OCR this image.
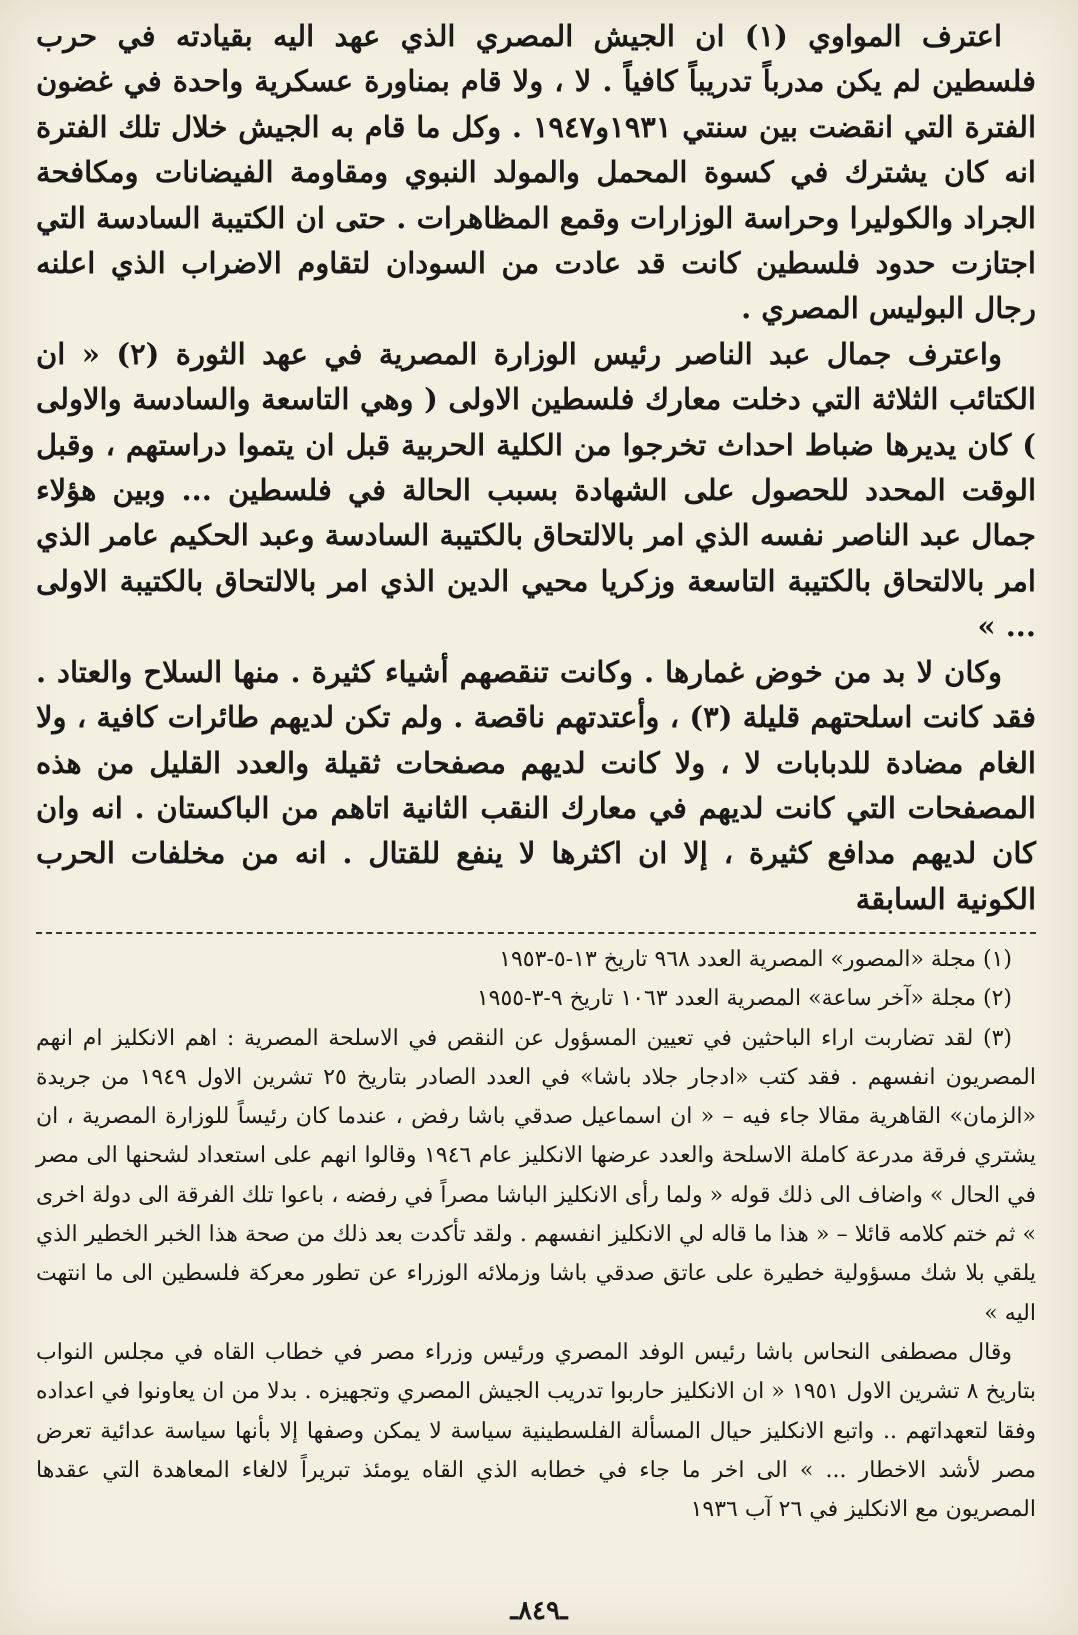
اعترف المواوي (١) ان الجيش المصري الذي عهد اليه بقيادته في حرب فلسطين لم يكن مدرباً تدريباً كافياً . لا ، ولا قام بمناورة عسكرية واحدة في غضون الفترة التي انقضت بين سنتي ١٩٣١و١٩٤٧ . وكل ما قام به الجيش خلال تلك الفترة انه كان يشترك في كسوة المحمل والمولد النبوي ومقاومة الفيضانات ومكافحة الجراد والكوليرا وحراسة الوزارات وقمع المظاهرات . حتى ان الكتيبة السادسة التي اجتازت حدود فلسطين كانت قد عادت من السودان لتقاوم الاضراب الذي اعلنه رجال البوليس المصري .

واعترف جمال عبد الناصر رئيس الوزارة المصرية في عهد الثورة (٢) « ان الكتائب الثلاثة التي دخلت معارك فلسطين الاولى ( وهي التاسعة والسادسة والاولى ) كان يديرها ضباط احداث تخرجوا من الكلية الحربية قبل ان يتموا دراستهم ، وقبل الوقت المحدد للحصول على الشهادة بسبب الحالة في فلسطين ... وبين هؤلاء جمال عبد الناصر نفسه الذي امر بالالتحاق بالكتيبة السادسة وعبد الحكيم عامر الذي امر بالالتحاق بالكتيبة التاسعة وزكريا محيي الدين الذي امر بالالتحاق بالكتيبة الاولى ... »

وكان لا بد من خوض غمارها . وكانت تنقصهم أشياء كثيرة . منها السلاح والعتاد . فقد كانت اسلحتهم قليلة (٣) ، وأعتدتهم ناقصة . ولم تكن لديهم طائرات كافية ، ولا الغام مضادة للدبابات لا ، ولا كانت لديهم مصفحات ثقيلة والعدد القليل من هذه المصفحات التي كانت لديهم في معارك النقب الثانية اتاهم من الباكستان . انه وان كان لديهم مدافع كثيرة ، إلا ان اكثرها لا ينفع للقتال . انه من مخلفات الحرب الكونية السابقة

(١) مجلة «المصور» المصرية العدد ٩٦٨ تاريخ ١٣-٥-١٩٥٣

(٢) مجلة «آخر ساعة» المصرية العدد ١٠٦٣ تاريخ ٩-٣-١٩٥٥

(٣) لقد تضاربت اراء الباحثين في تعيين المسؤول عن النقص في الاسلحة المصرية : اهم الانكليز ام انهم المصريون انفسهم . فقد كتب «ادجار جلاد باشا» في العدد الصادر بتاريخ ٢٥ تشرين الاول ١٩٤٩ من جريدة «الزمان» القاهرية مقالا جاء فيه – « ان اسماعيل صدقي باشا رفض ، عندما كان رئيساً للوزارة المصرية ، ان يشتري فرقة مدرعة كاملة الاسلحة والعدد عرضها الانكليز عام ١٩٤٦ وقالوا انهم على استعداد لشحنها الى مصر في الحال » واضاف الى ذلك قوله « ولما رأى الانكليز الباشا مصراً في رفضه ، باعوا تلك الفرقة الى دولة اخرى » ثم ختم كلامه قائلا – « هذا ما قاله لي الانكليز انفسهم . ولقد تأكدت بعد ذلك من صحة هذا الخبر الخطير الذي يلقي بلا شك مسؤولية خطيرة على عاتق صدقي باشا وزملائه الوزراء عن تطور معركة فلسطين الى ما انتهت اليه »

وقال مصطفى النحاس باشا رئيس الوفد المصري ورئيس وزراء مصر في خطاب القاه في مجلس النواب بتاريخ ٨ تشرين الاول ١٩٥١ « ان الانكليز حاربوا تدريب الجيش المصري وتجهيزه . بدلا من ان يعاونوا في اعداده وفقا لتعهداتهم .. واتبع الانكليز حيال المسألة الفلسطينية سياسة لا يمكن وصفها إلا بأنها سياسة عدائية تعرض مصر لأشد الاخطار ... » الى اخر ما جاء في خطابه الذي القاه يومئذ تبريراً لالغاء المعاهدة التي عقدها المصريون مع الانكليز في ٢٦ آب ١٩٣٦

ـ٨٤٩ـ
